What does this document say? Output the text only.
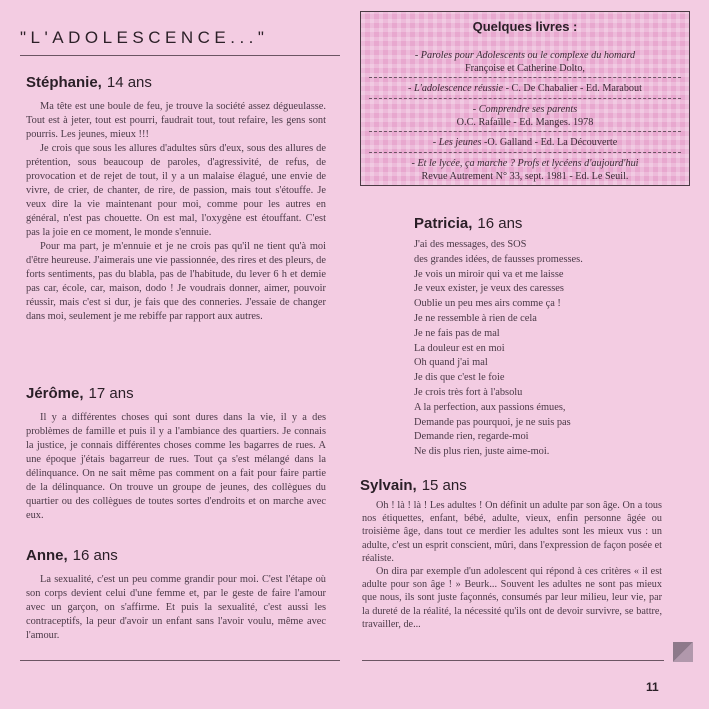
"L'ADOLESCENCE..."
Quelques livres :
- Paroles pour Adolescents ou le complexe du homard
Françoise et Catherine Dolto,
- L'adolescence réussie - C. De Chabalier - Ed. Marabout
- Comprendre ses parents
O.C. Rafaïlle - Ed. Manges. 1978
- Les jeunes -O. Galland - Ed. La Découverte
- Et le lycée, ça marche ? Profs et lycéens d'aujourd'hui
Revue Autrement N° 33, sept. 1981 - Ed. Le Seuil.
Stéphanie, 14 ans

Ma tête est une boule de feu, je trouve la société assez dégueulasse. Tout est à jeter, tout est pourri, faudrait tout, tout refaire, les gens sont pourris. Les jeunes, mieux !!!

Je crois que sous les allures d'adultes sûrs d'eux, sous des allures de prétention, sous beaucoup de paroles, d'agressivité, de refus, de provocation et de rejet de tout, il y a un malaise élagué, une envie de vivre, de crier, de chanter, de rire, de passion, mais tout s'étouffe. Je veux dire la vie maintenant pour moi, comme pour les autres en général, n'est pas chouette. On est mal, l'oxygène est étouffant. C'est pas la joie en ce moment, le monde s'ennuie.

Pour ma part, je m'ennuie et je ne crois pas qu'il ne tient qu'à moi d'être heureuse. J'aimerais une vie passionnée, des rires et des pleurs, de forts sentiments, pas du blabla, pas de l'habitude, du lever 6 h et demie pas car, école, car, maison, dodo ! Je voudrais donner, aimer, pouvoir réussir, mais c'est si dur, je fais que des conneries. J'essaie de changer dans moi, seulement je me rebiffe par rapport aux autres.

Jérôme, 17 ans

Il y a différentes choses qui sont dures dans la vie, il y a des problèmes de famille et puis il y a l'ambiance des quartiers. Je connais la justice, je connais différentes choses comme les bagarres de rues. A une époque j'étais bagarreur de rues. Tout ça s'est mélangé dans la délinquance. On ne sait même pas comment on a fait pour faire partie de la délinquance. On trouve un groupe de jeunes, des collègues du quartier ou des collègues de toutes sortes d'endroits et on marche avec eux.

Anne, 16 ans

La sexualité, c'est un peu comme grandir pour moi. C'est l'étape où son corps devient celui d'une femme et, par le geste de faire l'amour avec un garçon, on s'affirme. Et puis la sexualité, c'est aussi les contraceptifs, la peur d'avoir un enfant sans l'avoir voulu, même avec l'amour.

Patricia, 16 ans
J'ai des messages, des SOS
des grandes idées, de fausses promesses.
Je vois un miroir qui va et me laisse
Je veux exister, je veux des caresses
Oublie un peu mes airs comme ça !
Je ne ressemble à rien de cela
Je ne fais pas de mal
La douleur est en moi
Oh quand j'ai mal
Je dis que c'est le foie
Je crois très fort à l'absolu
A la perfection, aux passions émues,
Demande pas pourquoi, je ne suis pas
Demande rien, regarde-moi
Ne dis plus rien, juste aime-moi.
Sylvain, 15 ans

Oh ! là ! là ! Les adultes ! On définit un adulte par son âge. On a tous nos étiquettes, enfant, bébé, adulte, vieux, enfin personne âgée ou troisième âge, dans tout ce merdier les adultes sont les mieux vus : un adulte, c'est un esprit conscient, mûri, dans l'expression de façon posée et réaliste.

On dira par exemple d'un adolescent qui répond à ces critères « il est adulte pour son âge ! » Beurk... Souvent les adultes ne sont pas mieux que nous, ils sont juste façonnés, consumés par leur milieu, leur vie, par la dureté de la réalité, la nécessité qu'ils ont de devoir survivre, se battre, travailler, de...

11
